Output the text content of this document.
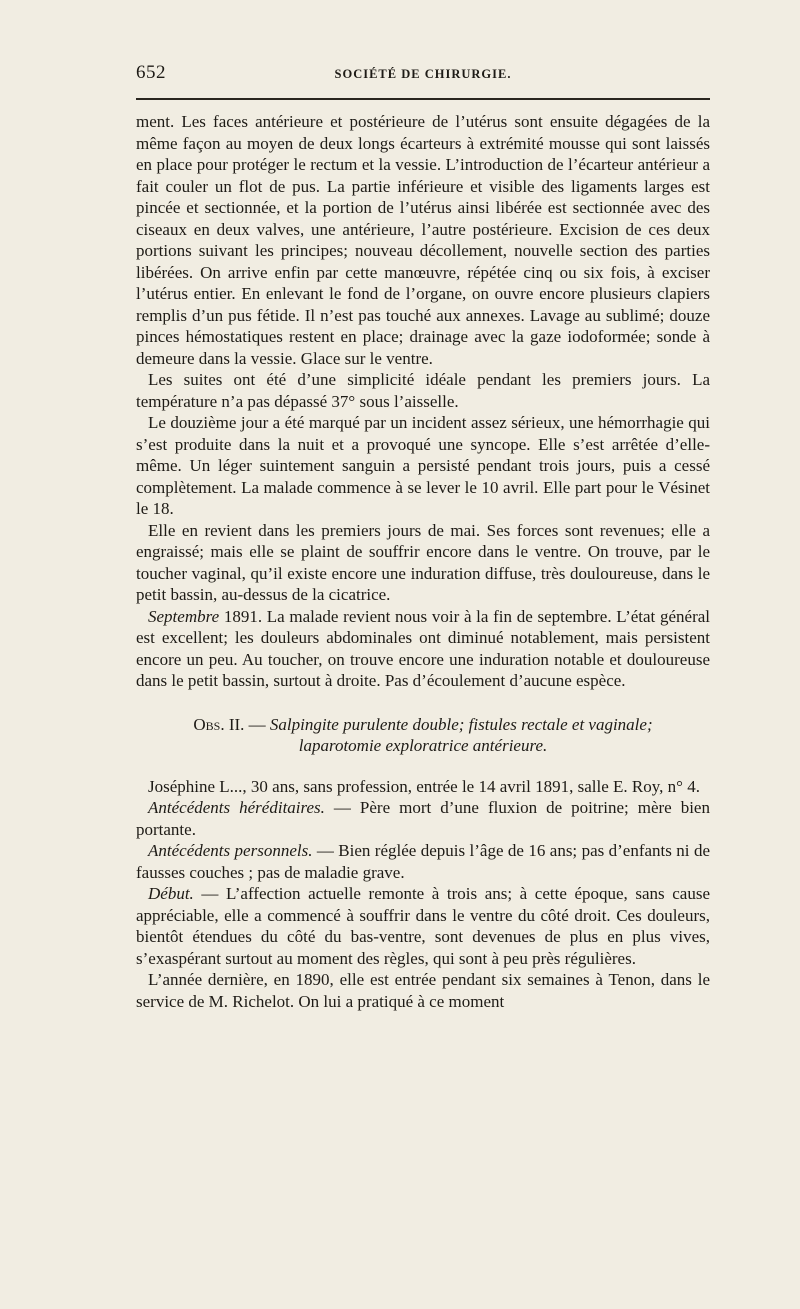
652	SOCIÉTÉ DE CHIRURGIE.

ment. Les faces antérieure et postérieure de l’utérus sont ensuite dégagées de la même façon au moyen de deux longs écarteurs à extrémité mousse qui sont laissés en place pour protéger le rectum et la vessie. L’introduction de l’écarteur antérieur a fait couler un flot de pus. La partie inférieure et visible des ligaments larges est pincée et sectionnée, et la portion de l’utérus ainsi libérée est sectionnée avec des ciseaux en deux valves, une antérieure, l’autre postérieure. Excision de ces deux portions suivant les principes; nouveau décollement, nouvelle section des parties libérées. On arrive enfin par cette manœuvre, répétée cinq ou six fois, à exciser l’utérus entier. En enlevant le fond de l’organe, on ouvre encore plusieurs clapiers remplis d’un pus fétide. Il n’est pas touché aux annexes. Lavage au sublimé; douze pinces hémostatiques restent en place; drainage avec la gaze iodoformée; sonde à demeure dans la vessie. Glace sur le ventre.

Les suites ont été d’une simplicité idéale pendant les premiers jours. La température n’a pas dépassé 37° sous l’aisselle.

Le douzième jour a été marqué par un incident assez sérieux, une hémorrhagie qui s’est produite dans la nuit et a provoqué une syncope. Elle s’est arrêtée d’elle-même. Un léger suintement sanguin a persisté pendant trois jours, puis a cessé complètement. La malade commence à se lever le 10 avril. Elle part pour le Vésinet le 18.

Elle en revient dans les premiers jours de mai. Ses forces sont revenues; elle a engraissé; mais elle se plaint de souffrir encore dans le ventre. On trouve, par le toucher vaginal, qu’il existe encore une induration diffuse, très douloureuse, dans le petit bassin, au-dessus de la cicatrice.

Septembre 1891. La malade revient nous voir à la fin de septembre. L’état général est excellent; les douleurs abdominales ont diminué notablement, mais persistent encore un peu. Au toucher, on trouve encore une induration notable et douloureuse dans le petit bassin, surtout à droite. Pas d’écoulement d’aucune espèce.

Obs. II. — Salpingite purulente double; fistules rectale et vaginale;
laparotomie exploratrice antérieure.

Joséphine L..., 30 ans, sans profession, entrée le 14 avril 1891, salle E. Roy, n° 4.

Antécédents héréditaires. — Père mort d’une fluxion de poitrine; mère bien portante.

Antécédents personnels. — Bien réglée depuis l’âge de 16 ans; pas d’enfants ni de fausses couches ; pas de maladie grave.

Début. — L’affection actuelle remonte à trois ans; à cette époque, sans cause appréciable, elle a commencé à souffrir dans le ventre du côté droit. Ces douleurs, bientôt étendues du côté du bas-ventre, sont devenues de plus en plus vives, s’exaspérant surtout au moment des règles, qui sont à peu près régulières.

L’année dernière, en 1890, elle est entrée pendant six semaines à Tenon, dans le service de M. Richelot. On lui a pratiqué à ce moment
